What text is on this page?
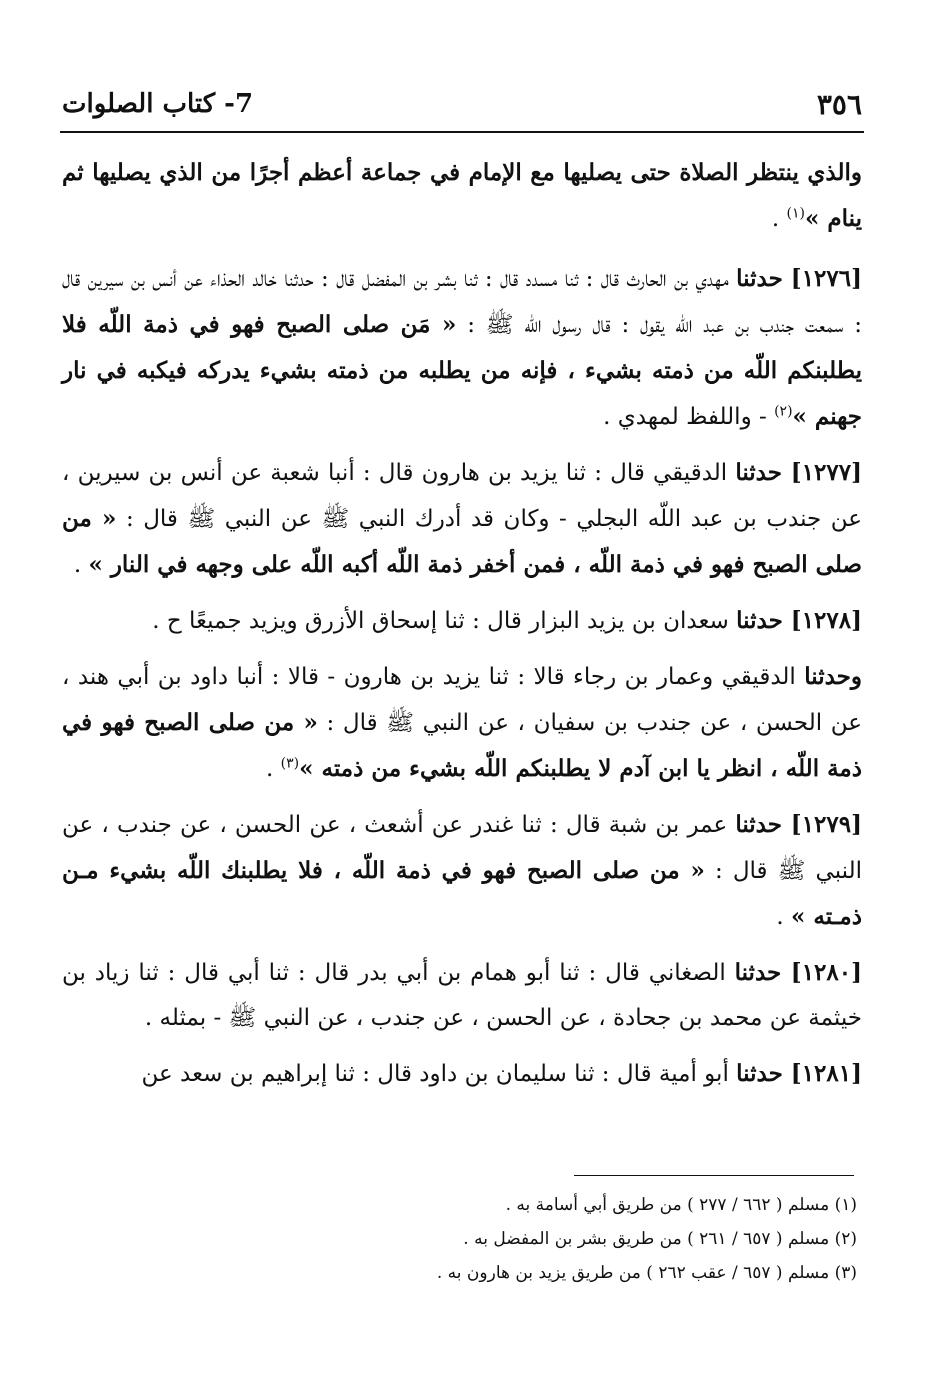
7- كتاب الصلوات	٣٥٦

والذي ينتظر الصلاة حتى يصليها مع الإمام في جماعة أعظم أجرًا من الذي يصليها ثم ينام »$^{(١)}$ .

[١٢٧٦] حدثنا مهدي بن الحارث قال : ثنا مسدد قال : ثنا بشر بن المفضل قال : حدثنا خالد الحذاء عن أنس بن سيرين قال : سمعت جندب بن عبد اللّه يقول : قال رسول اللّه ﷺ : « مَن صلى الصبح فهو في ذمة اللّه فلا يطلبنكم اللّه من ذمته بشيء ، فإنه من يطلبه من ذمته بشيء يدركه فيكبه في نار جهنم »$^{(٢)}$ - واللفظ لمهدي .

[١٢٧٧] حدثنا الدقيقي قال : ثنا يزيد بن هارون قال : أنبا شعبة عن أنس بن سيرين ، عن جندب بن عبد اللّه البجلي - وكان قد أدرك النبي ﷺ عن النبي ﷺ قال : « من صلى الصبح فهو في ذمة اللّه ، فمن أخفر ذمة اللّه أكبه اللّه على وجهه في النار » .

[١٢٧٨] حدثنا سعدان بن يزيد البزار قال : ثنا إسحاق الأزرق ويزيد جميعًا ح .

وحدثنا الدقيقي وعمار بن رجاء قالا : ثنا يزيد بن هارون - قالا : أنبا داود بن أبي هند ، عن الحسن ، عن جندب بن سفيان ، عن النبي ﷺ قال : « من صلى الصبح فهو في ذمة اللّه ، انظر يا ابن آدم لا يطلبنكم اللّه بشيء من ذمته »$^{(٣)}$ .

[١٢٧٩] حدثنا عمر بن شبة قال : ثنا غندر عن أشعث ، عن الحسن ، عن جندب ، عن النبي ﷺ قال : « من صلى الصبح فهو في ذمة اللّه ، فلا يطلبنك اللّه بشيء مـن ذمـته » .

[١٢٨٠] حدثنا الصغاني قال : ثنا أبو همام بن أبي بدر قال : ثنا أبي قال : ثنا زياد بن خيثمة عن محمد بن جحادة ، عن الحسن ، عن جندب ، عن النبي ﷺ - بمثله .

[١٢٨١] حدثنا أبو أمية قال : ثنا سليمان بن داود قال : ثنا إبراهيم بن سعد عن

(١) مسلم ( ٦٦٢ / ٢٧٧ ) من طريق أبي أسامة به .
(٢) مسلم ( ٦٥٧ / ٢٦١ ) من طريق بشر بن المفضل به .
(٣) مسلم ( ٦٥٧ / عقب ٢٦٢ ) من طريق يزيد بن هارون به .
